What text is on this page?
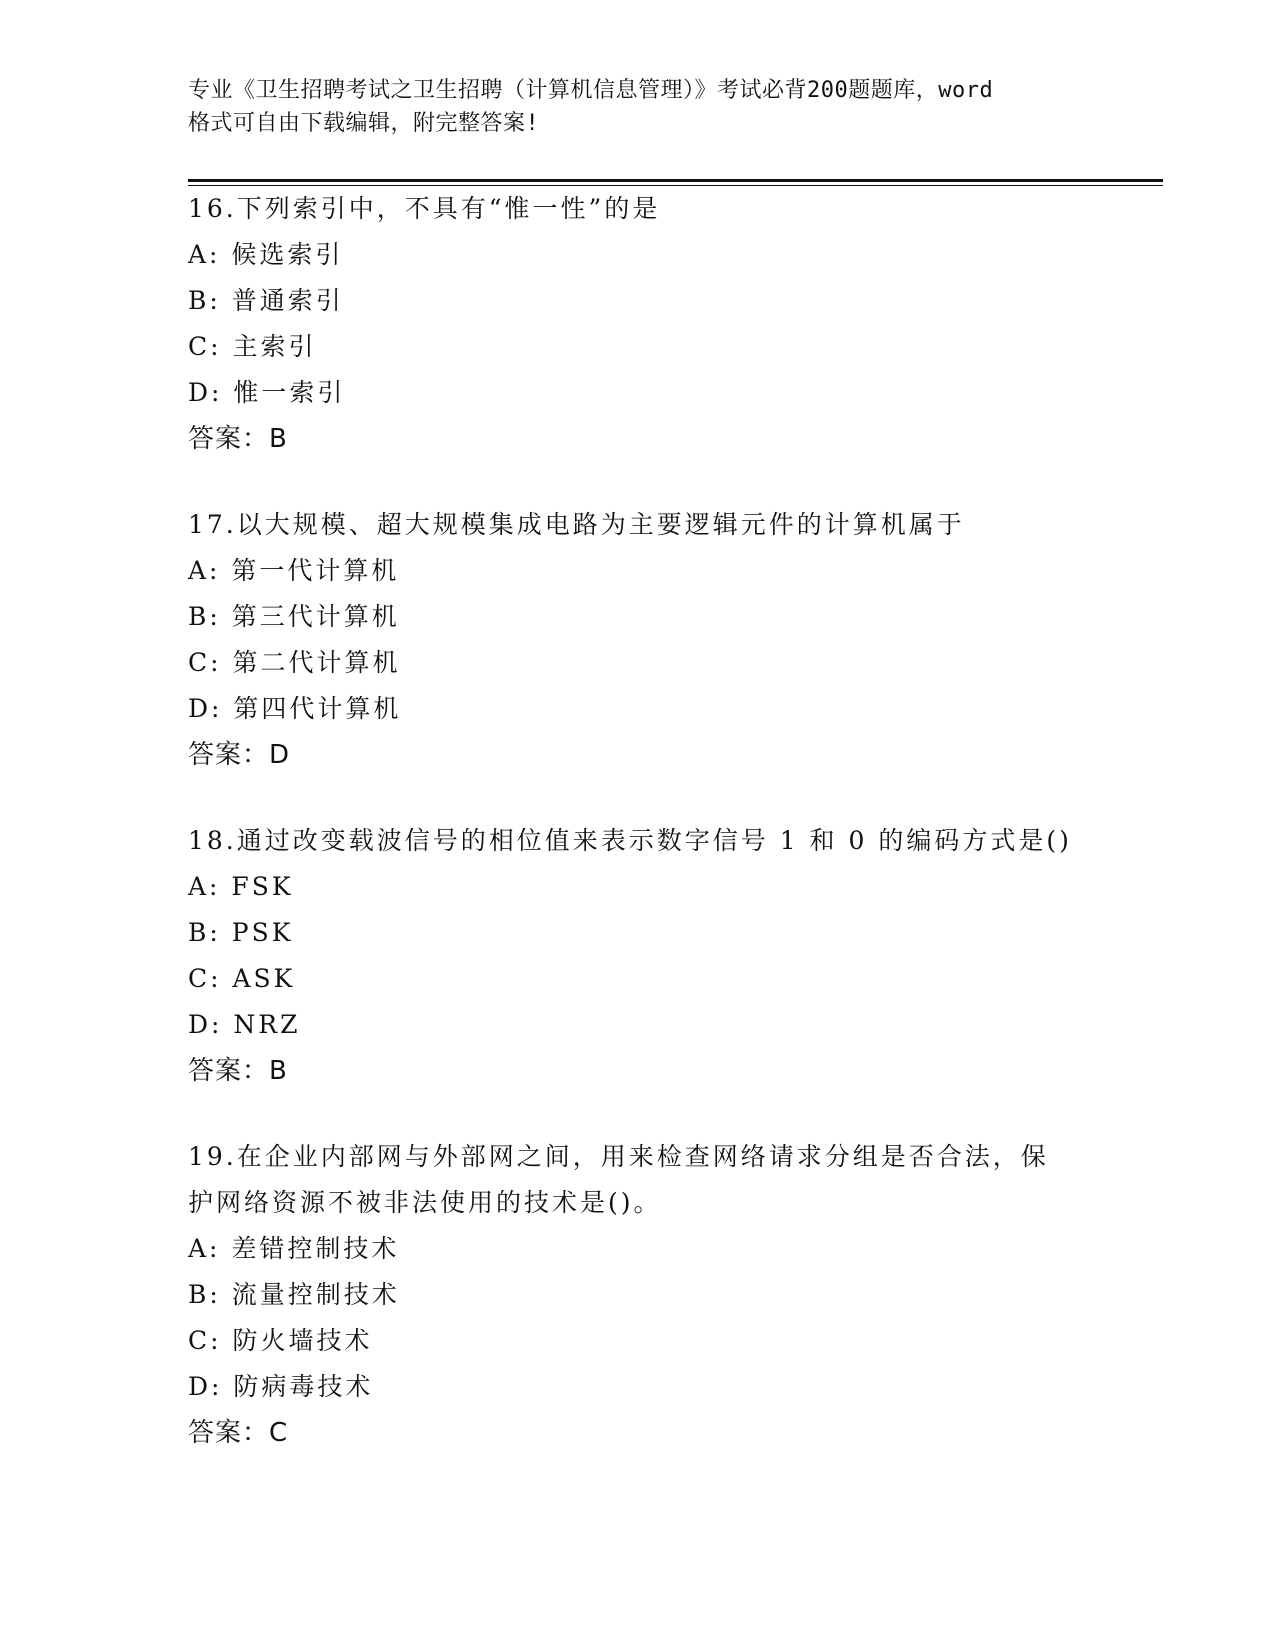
专业《卫生招聘考试之卫生招聘（计算机信息管理）》考试必背200题题库，word
格式可自由下载编辑，附完整答案!

16.下列索引中，不具有“惟一性”的是

A: 候选索引

B: 普通索引

C: 主索引

D: 惟一索引

答案：B

17.以大规模、超大规模集成电路为主要逻辑元件的计算机属于

A: 第一代计算机

B: 第三代计算机

C: 第二代计算机

D: 第四代计算机

答案：D

18.通过改变载波信号的相位值来表示数字信号 1 和 0 的编码方式是()

A: FSK

B: PSK

C: ASK

D: NRZ

答案：B

19.在企业内部网与外部网之间，用来检查网络请求分组是否合法，保

护网络资源不被非法使用的技术是()。

A: 差错控制技术

B: 流量控制技术

C: 防火墙技术

D: 防病毒技术

答案：C
